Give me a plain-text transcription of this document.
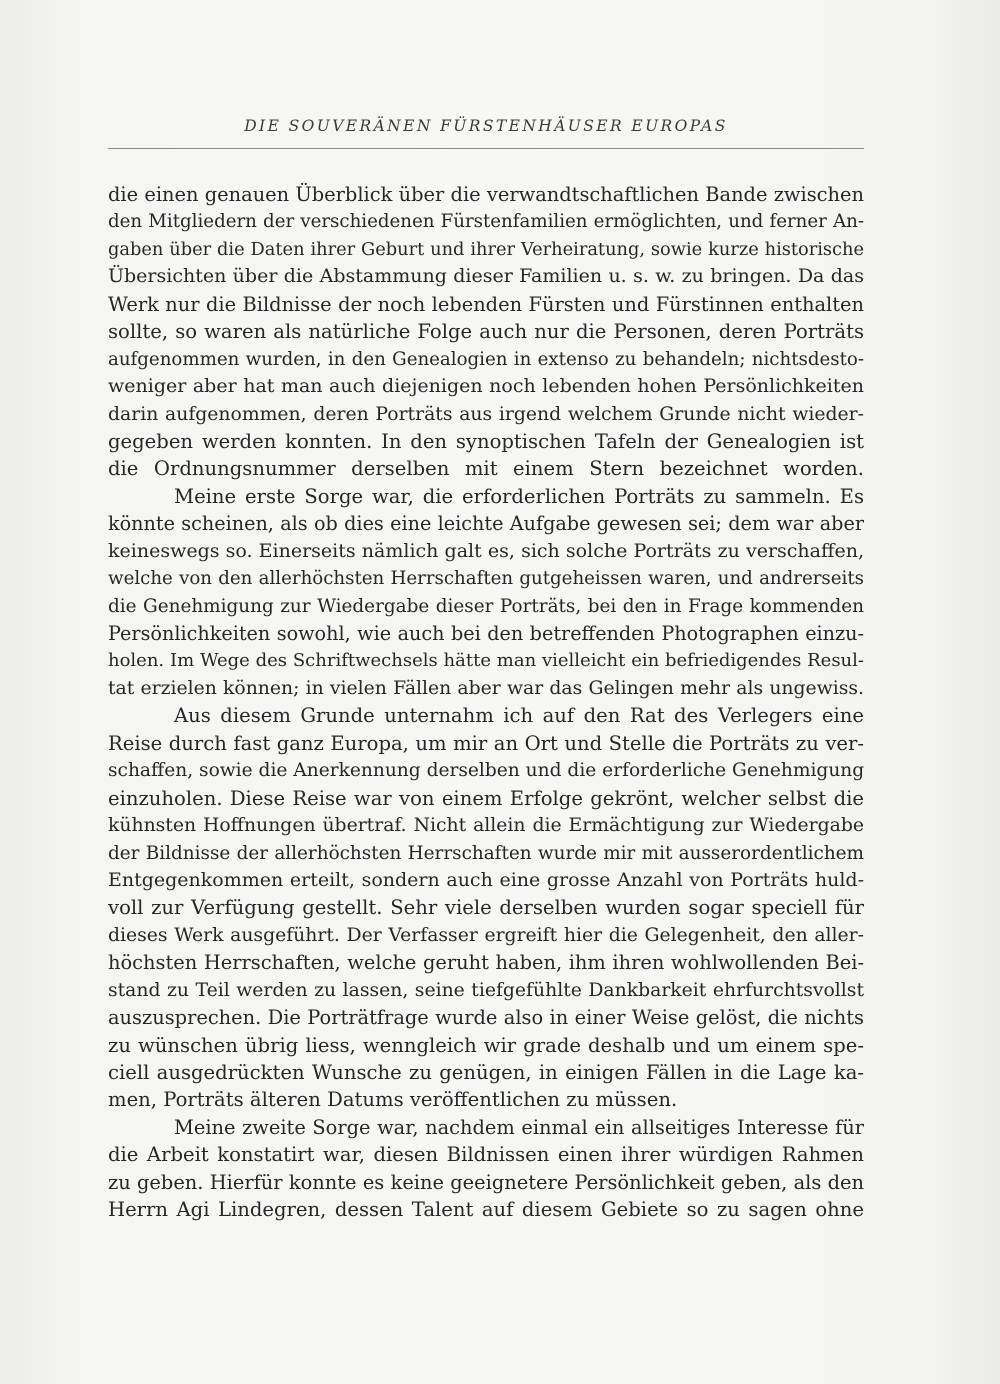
DIE SOUVERÄNEN FÜRSTENHÄUSER EUROPAS
die einen genauen Überblick über die verwandtschaftlichen Bande zwischen
den Mitgliedern der verschiedenen Fürstenfamilien ermöglichten, und ferner An-
gaben über die Daten ihrer Geburt und ihrer Verheiratung, sowie kurze historische
Übersichten über die Abstammung dieser Familien u. s. w. zu bringen. Da das
Werk nur die Bildnisse der noch lebenden Fürsten und Fürstinnen enthalten
sollte, so waren als natürliche Folge auch nur die Personen, deren Porträts
aufgenommen wurden, in den Genealogien in extenso zu behandeln; nichtsdesto-
weniger aber hat man auch diejenigen noch lebenden hohen Persönlichkeiten
darin aufgenommen, deren Porträts aus irgend welchem Grunde nicht wieder-
gegeben werden konnten. In den synoptischen Tafeln der Genealogien ist
die Ordnungsnummer derselben mit einem Stern bezeichnet worden.
Meine erste Sorge war, die erforderlichen Porträts zu sammeln. Es
könnte scheinen, als ob dies eine leichte Aufgabe gewesen sei; dem war aber
keineswegs so. Einerseits nämlich galt es, sich solche Porträts zu verschaffen,
welche von den allerhöchsten Herrschaften gutgeheissen waren, und andrerseits
die Genehmigung zur Wiedergabe dieser Porträts, bei den in Frage kommenden
Persönlichkeiten sowohl, wie auch bei den betreffenden Photographen einzu-
holen. Im Wege des Schriftwechsels hätte man vielleicht ein befriedigendes Resul-
tat erzielen können; in vielen Fällen aber war das Gelingen mehr als ungewiss.
Aus diesem Grunde unternahm ich auf den Rat des Verlegers eine
Reise durch fast ganz Europa, um mir an Ort und Stelle die Porträts zu ver-
schaffen, sowie die Anerkennung derselben und die erforderliche Genehmigung
einzuholen. Diese Reise war von einem Erfolge gekrönt, welcher selbst die
kühnsten Hoffnungen übertraf. Nicht allein die Ermächtigung zur Wiedergabe
der Bildnisse der allerhöchsten Herrschaften wurde mir mit ausserordentlichem
Entgegenkommen erteilt, sondern auch eine grosse Anzahl von Porträts huld-
voll zur Verfügung gestellt. Sehr viele derselben wurden sogar speciell für
dieses Werk ausgeführt. Der Verfasser ergreift hier die Gelegenheit, den aller-
höchsten Herrschaften, welche geruht haben, ihm ihren wohlwollenden Bei-
stand zu Teil werden zu lassen, seine tiefgefühlte Dankbarkeit ehrfurchtsvollst
auszusprechen. Die Porträtfrage wurde also in einer Weise gelöst, die nichts
zu wünschen übrig liess, wenngleich wir grade deshalb und um einem spe-
ciell ausgedrückten Wunsche zu genügen, in einigen Fällen in die Lage ka-
men, Porträts älteren Datums veröffentlichen zu müssen.
Meine zweite Sorge war, nachdem einmal ein allseitiges Interesse für
die Arbeit konstatirt war, diesen Bildnissen einen ihrer würdigen Rahmen
zu geben. Hierfür konnte es keine geeignetere Persönlichkeit geben, als den
Herrn Agi Lindegren, dessen Talent auf diesem Gebiete so zu sagen ohne
